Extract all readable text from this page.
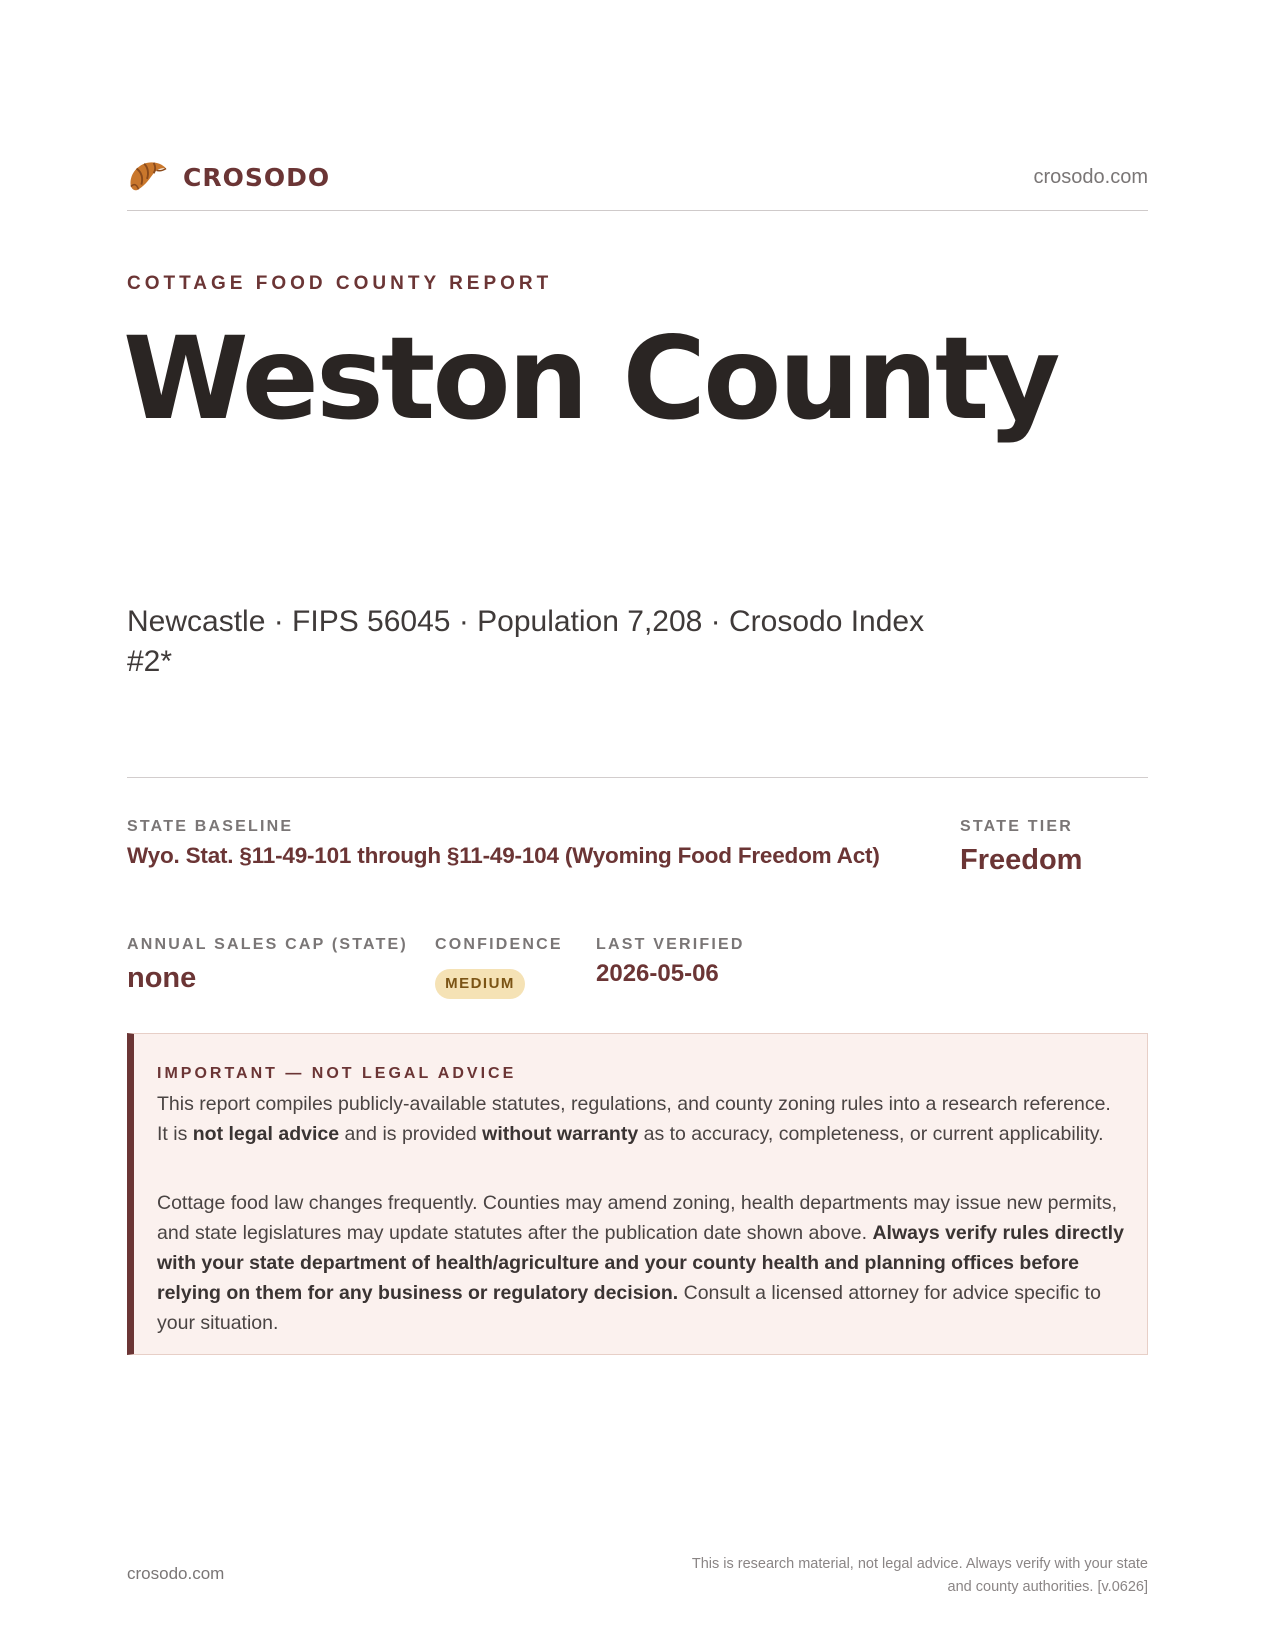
CROSODO	crosodo.com
COTTAGE FOOD COUNTY REPORT
Weston County
Newcastle · FIPS 56045 · Population 7,208 · Crosodo Index #2*
STATE BASELINE
Wyo. Stat. §11-49-101 through §11-49-104 (Wyoming Food Freedom Act)
STATE TIER
Freedom
ANNUAL SALES CAP (STATE)
none
CONFIDENCE
MEDIUM
LAST VERIFIED
2026-05-06
IMPORTANT — NOT LEGAL ADVICE

This report compiles publicly-available statutes, regulations, and county zoning rules into a research reference. It is not legal advice and is provided without warranty as to accuracy, completeness, or current applicability.

Cottage food law changes frequently. Counties may amend zoning, health departments may issue new permits, and state legislatures may update statutes after the publication date shown above. Always verify rules directly with your state department of health/agriculture and your county health and planning offices before relying on them for any business or regulatory decision. Consult a licensed attorney for advice specific to your situation.

crosodo.com	This is research material, not legal advice. Always verify with your state
and county authorities. [v.0626]
